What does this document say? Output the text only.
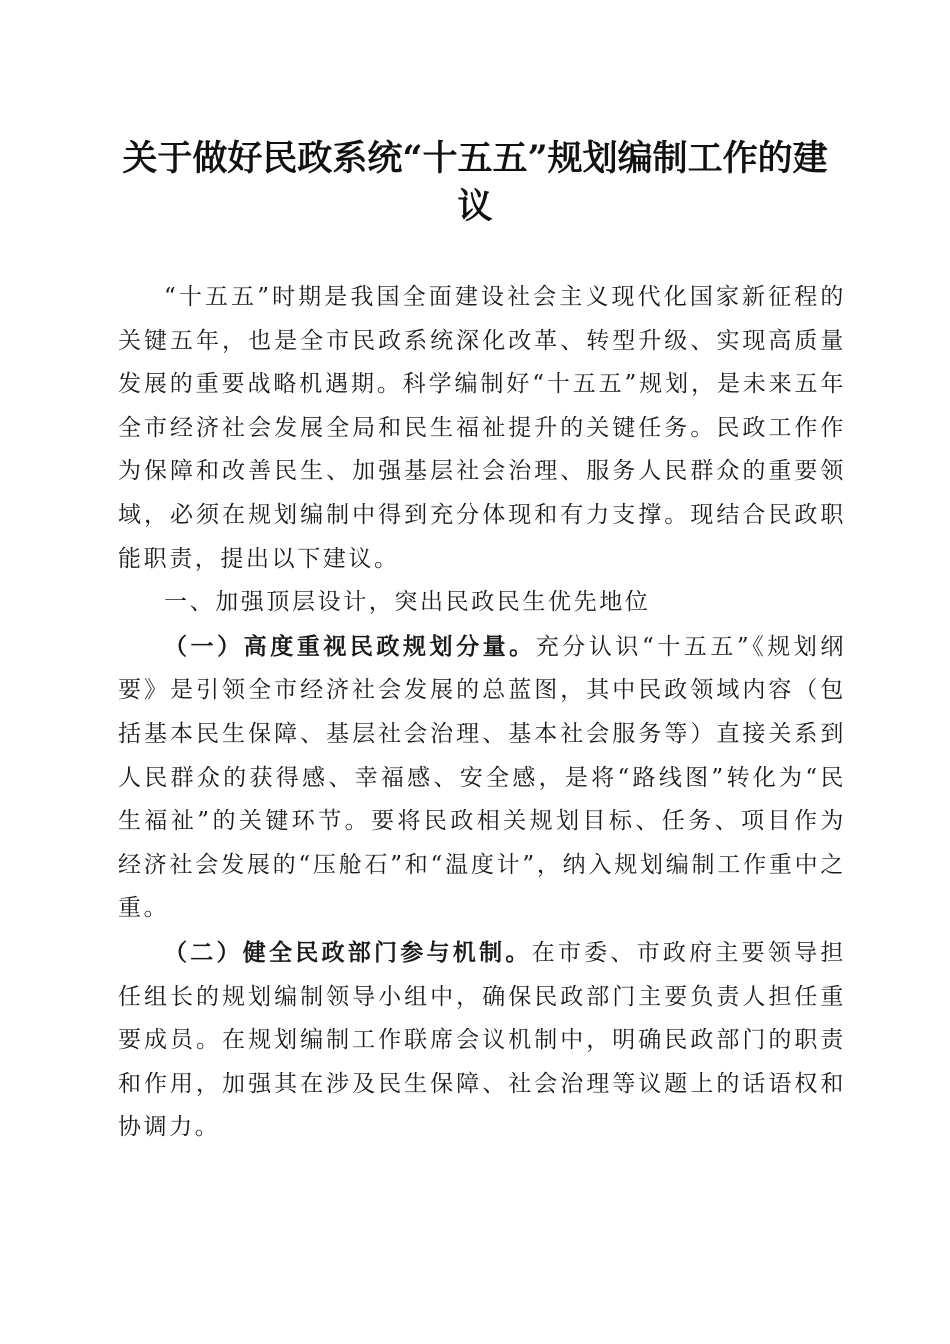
关于做好民政系统“十五五”规划编制工作的建议

“十五五”时期是我国全面建设社会主义现代化国家新征程的关键五年，也是全市民政系统深化改革、转型升级、实现高质量发展的重要战略机遇期。科学编制好“十五五”规划，是未来五年全市经济社会发展全局和民生福祉提升的关键任务。民政工作作为保障和改善民生、加强基层社会治理、服务人民群众的重要领域，必须在规划编制中得到充分体现和有力支撑。现结合民政职能职责，提出以下建议。

一、加强顶层设计，突出民政民生优先地位

（一）高度重视民政规划分量。充分认识“十五五”《规划纲要》是引领全市经济社会发展的总蓝图，其中民政领域内容（包括基本民生保障、基层社会治理、基本社会服务等）直接关系到人民群众的获得感、幸福感、安全感，是将“路线图”转化为“民生福祉”的关键环节。要将民政相关规划目标、任务、项目作为经济社会发展的“压舱石”和“温度计”，纳入规划编制工作重中之重。

（二）健全民政部门参与机制。在市委、市政府主要领导担任组长的规划编制领导小组中，确保民政部门主要负责人担任重要成员。在规划编制工作联席会议机制中，明确民政部门的职责和作用，加强其在涉及民生保障、社会治理等议题上的话语权和协调力。
